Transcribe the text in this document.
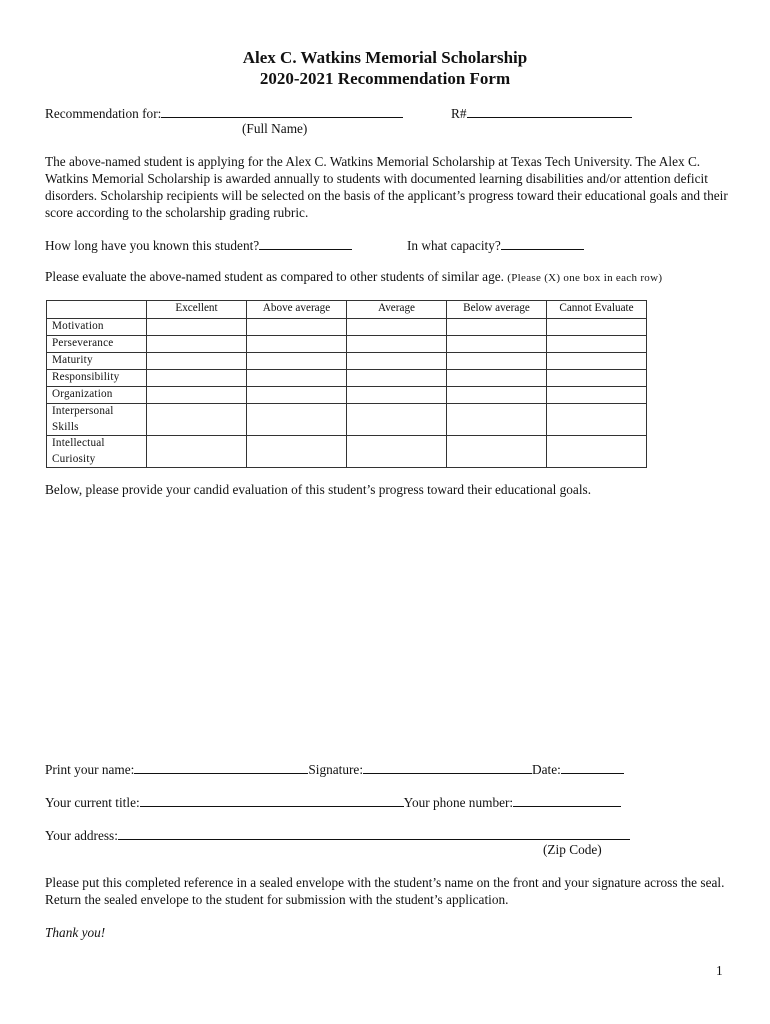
Alex C. Watkins Memorial Scholarship
2020-2021 Recommendation Form
Recommendation for:	R#
(Full Name)
The above-named student is applying for the Alex C. Watkins Memorial Scholarship at Texas Tech University. The Alex C. Watkins Memorial Scholarship is awarded annually to students with documented learning disabilities and/or attention deficit disorders. Scholarship recipients will be selected on the basis of the applicant’s progress toward their educational goals and their score according to the scholarship grading rubric.
How long have you known this student?	In what capacity?
Please evaluate the above-named student as compared to other students of similar age. (Please (X) one box in each row)
	Excellent	Above average	Average	Below average	Cannot Evaluate
Motivation					
Perseverance					
Maturity					
Responsibility					
Organization					
Interpersonal Skills					
Intellectual Curiosity					
Below, please provide your candid evaluation of this student’s progress toward their educational goals.
Print your name:	Signature:	Date:
Your current title:	Your phone number:
Your address:
(Zip Code)
Please put this completed reference in a sealed envelope with the student’s name on the front and your signature across the seal. Return the sealed envelope to the student for submission with the student’s application.
Thank you!
1
